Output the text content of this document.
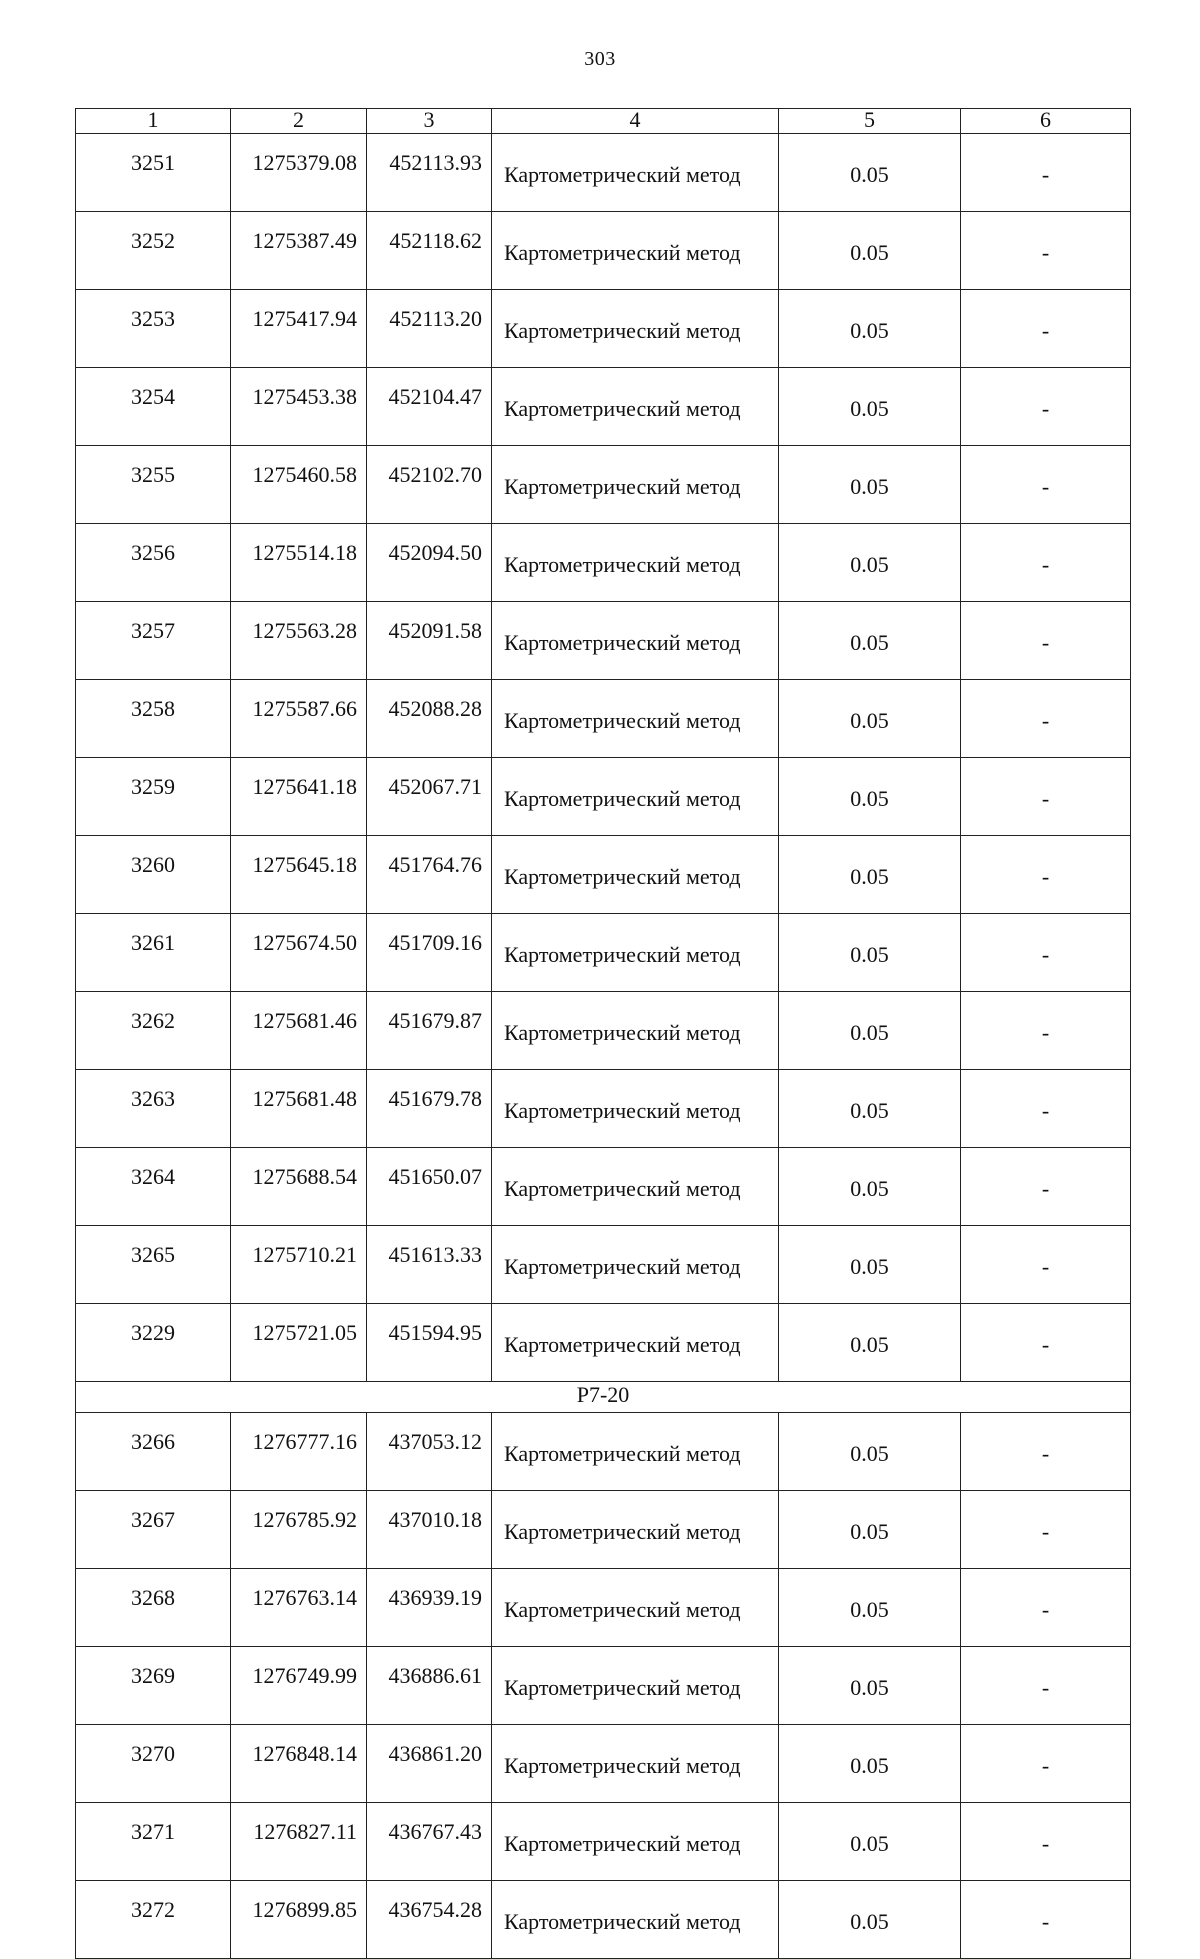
303
1	2	3	4	5	6
3251	1275379.08	452113.93	Картометрический метод	0.05	-
3252	1275387.49	452118.62	Картометрический метод	0.05	-
3253	1275417.94	452113.20	Картометрический метод	0.05	-
3254	1275453.38	452104.47	Картометрический метод	0.05	-
3255	1275460.58	452102.70	Картометрический метод	0.05	-
3256	1275514.18	452094.50	Картометрический метод	0.05	-
3257	1275563.28	452091.58	Картометрический метод	0.05	-
3258	1275587.66	452088.28	Картометрический метод	0.05	-
3259	1275641.18	452067.71	Картометрический метод	0.05	-
3260	1275645.18	451764.76	Картометрический метод	0.05	-
3261	1275674.50	451709.16	Картометрический метод	0.05	-
3262	1275681.46	451679.87	Картометрический метод	0.05	-
3263	1275681.48	451679.78	Картометрический метод	0.05	-
3264	1275688.54	451650.07	Картометрический метод	0.05	-
3265	1275710.21	451613.33	Картометрический метод	0.05	-
3229	1275721.05	451594.95	Картометрический метод	0.05	-
Р7-20					
3266	1276777.16	437053.12	Картометрический метод	0.05	-
3267	1276785.92	437010.18	Картометрический метод	0.05	-
3268	1276763.14	436939.19	Картометрический метод	0.05	-
3269	1276749.99	436886.61	Картометрический метод	0.05	-
3270	1276848.14	436861.20	Картометрический метод	0.05	-
3271	1276827.11	436767.43	Картометрический метод	0.05	-
3272	1276899.85	436754.28	Картометрический метод	0.05	-
